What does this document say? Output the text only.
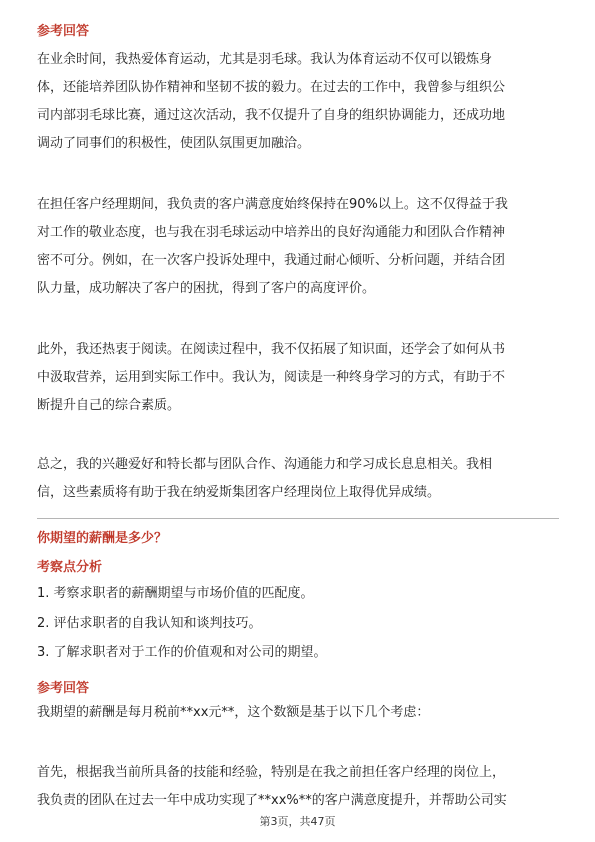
参考回答
在业余时间，我热爱体育运动，尤其是羽毛球。我认为体育运动不仅可以锻炼身
体，还能培养团队协作精神和坚韧不拔的毅力。在过去的工作中，我曾参与组织公
司内部羽毛球比赛，通过这次活动，我不仅提升了自身的组织协调能力，还成功地
调动了同事们的积极性，使团队氛围更加融洽。
在担任客户经理期间，我负责的客户满意度始终保持在90%以上。这不仅得益于我
对工作的敬业态度，也与我在羽毛球运动中培养出的良好沟通能力和团队合作精神
密不可分。例如，在一次客户投诉处理中，我通过耐心倾听、分析问题，并结合团
队力量，成功解决了客户的困扰，得到了客户的高度评价。
此外，我还热衷于阅读。在阅读过程中，我不仅拓展了知识面，还学会了如何从书
中汲取营养，运用到实际工作中。我认为，阅读是一种终身学习的方式，有助于不
断提升自己的综合素质。
总之，我的兴趣爱好和特长都与团队合作、沟通能力和学习成长息息相关。我相
信，这些素质将有助于我在纳爱斯集团客户经理岗位上取得优异成绩。
你期望的薪酬是多少？
考察点分析
1. 考察求职者的薪酬期望与市场价值的匹配度。
2. 评估求职者的自我认知和谈判技巧。
3. 了解求职者对于工作的价值观和对公司的期望。
参考回答
我期望的薪酬是每月税前**xx元**，这个数额是基于以下几个考虑：
首先，根据我当前所具备的技能和经验，特别是在我之前担任客户经理的岗位上，
我负责的团队在过去一年中成功实现了**xx%**的客户满意度提升，并帮助公司实
第3页，共47页
